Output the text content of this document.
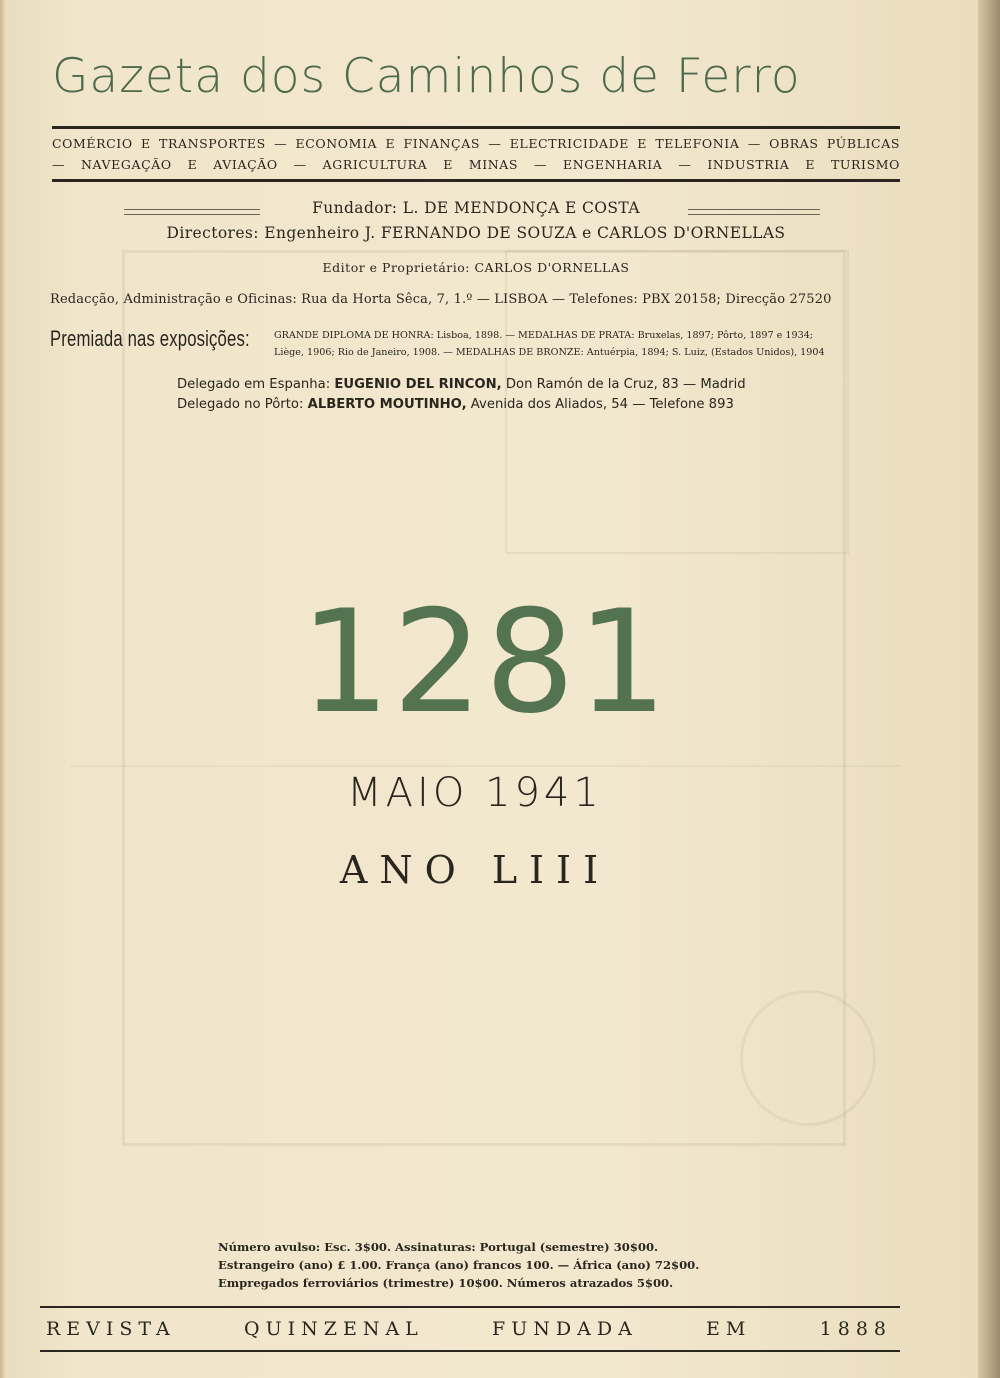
Gazeta dos Caminhos de Ferro
COMÉRCIO E TRANSPORTES — ECONOMIA E FINANÇAS — ELECTRICIDADE E TELEFONIA — OBRAS PÚBLICAS
— NAVEGAÇÃO E AVIAÇÃO — AGRICULTURA E MINAS — ENGENHARIA — INDUSTRIA E TURISMO
Fundador: L. DE MENDONÇA E COSTA
Directores: Engenheiro J. FERNANDO DE SOUZA e CARLOS D'ORNELLAS
Editor e Proprietário: CARLOS D'ORNELLAS
Redacção, Administração e Oficinas: Rua da Horta Sêca, 7, 1.º — LISBOA — Telefones: PBX 20158; Direcção 27520
Premiada nas exposições:	GRANDE DIPLOMA DE HONRA: Lisboa, 1898. — MEDALHAS DE PRATA: Bruxelas, 1897; Pôrto, 1897 e 1934;
Liège, 1906; Rio de Janeiro, 1908. — MEDALHAS DE BRONZE: Antuérpia, 1894; S. Luiz, (Estados Unidos), 1904
Delegado em Espanha: EUGENIO DEL RINCON, Don Ramón de la Cruz, 83 — Madrid
Delegado no Pôrto: ALBERTO MOUTINHO, Avenida dos Aliados, 54 — Telefone 893
1281
MAIO 1941
ANO LIII
Número avulso: Esc. 3$00. Assinaturas: Portugal (semestre) 30$00.
Estrangeiro (ano) £ 1.00. França (ano) francos 100. — África (ano) 72$00.
Empregados ferroviários (trimestre) 10$00. Números atrazados 5$00.
REVISTA QUINZENAL FUNDADA EM 1888
